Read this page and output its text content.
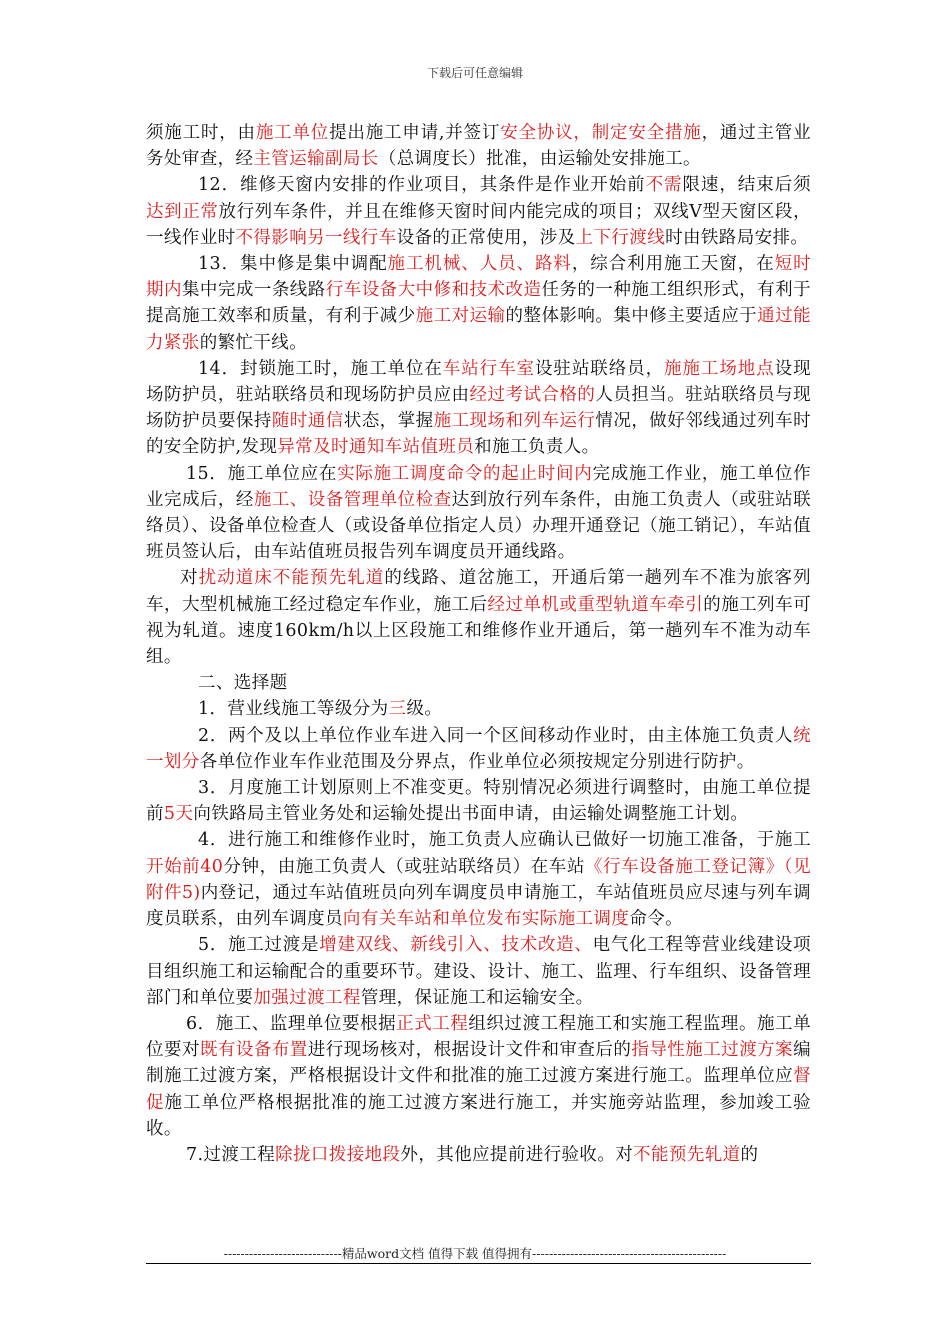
下载后可任意编辑

须施工时，由施工单位提出施工申请,并签订安全协议，制定安全措施，通过主管业务处审查，经主管运输副局长（总调度长）批准，由运输处安排施工。

12．维修天窗内安排的作业项目，其条件是作业开始前不需限速，结束后须达到正常放行列车条件，并且在维修天窗时间内能完成的项目；双线Ⅴ型天窗区段，一线作业时不得影响另一线行车设备的正常使用，涉及上下行渡线时由铁路局安排。

13．集中修是集中调配施工机械、人员、路料，综合利用施工天窗，在短时期内集中完成一条线路行车设备大中修和技术改造任务的一种施工组织形式，有利于提高施工效率和质量，有利于减少施工对运输的整体影响。集中修主要适应于通过能力紧张的繁忙干线。

14．封锁施工时，施工单位在车站行车室设驻站联络员，施施工场地点设现场防护员，驻站联络员和现场防护员应由经过考试合格的人员担当。驻站联络员与现场防护员要保持随时通信状态，掌握施工现场和列车运行情况，做好邻线通过列车时的安全防护,发现异常及时通知车站值班员和施工负责人。

15．施工单位应在实际施工调度命令的起止时间内完成施工作业，施工单位作业完成后，经施工、设备管理单位检查达到放行列车条件，由施工负责人（或驻站联络员）、设备单位检查人（或设备单位指定人员）办理开通登记（施工销记），车站值班员签认后，由车站值班员报告列车调度员开通线路。

对扰动道床不能预先轧道的线路、道岔施工，开通后第一趟列车不准为旅客列车，大型机械施工经过稳定车作业，施工后经过单机或重型轨道车牵引的施工列车可视为轧道。速度160km/h以上区段施工和维修作业开通后，第一趟列车不准为动车组。

二、选择题

1．营业线施工等级分为三级。

2．两个及以上单位作业车进入同一个区间移动作业时，由主体施工负责人统一划分各单位作业车作业范围及分界点，作业单位必须按规定分别进行防护。

3．月度施工计划原则上不准变更。特别情况必须进行调整时，由施工单位提前5天向铁路局主管业务处和运输处提出书面申请，由运输处调整施工计划。

4．进行施工和维修作业时，施工负责人应确认已做好一切施工准备，于施工开始前40分钟，由施工负责人（或驻站联络员）在车站《行车设备施工登记簿》（见附件5)内登记，通过车站值班员向列车调度员申请施工，车站值班员应尽速与列车调度员联系，由列车调度员向有关车站和单位发布实际施工调度命令。

5．施工过渡是增建双线、新线引入、技术改造、电气化工程等营业线建设项目组织施工和运输配合的重要环节。建设、设计、施工、监理、行车组织、设备管理部门和单位要加强过渡工程管理，保证施工和运输安全。

6．施工、监理单位要根据正式工程组织过渡工程施工和实施工程监理。施工单位要对既有设备布置进行现场核对，根据设计文件和审查后的指导性施工过渡方案编制施工过渡方案，严格根据设计文件和批准的施工过渡方案进行施工。监理单位应督促施工单位严格根据批准的施工过渡方案进行施工，并实施旁站监理，参加竣工验收。

7.过渡工程除拢口拨接地段外，其他应提前进行验收。对不能预先轧道的

----------------------------精品word文档 值得下载 值得拥有----------------------------------------------
